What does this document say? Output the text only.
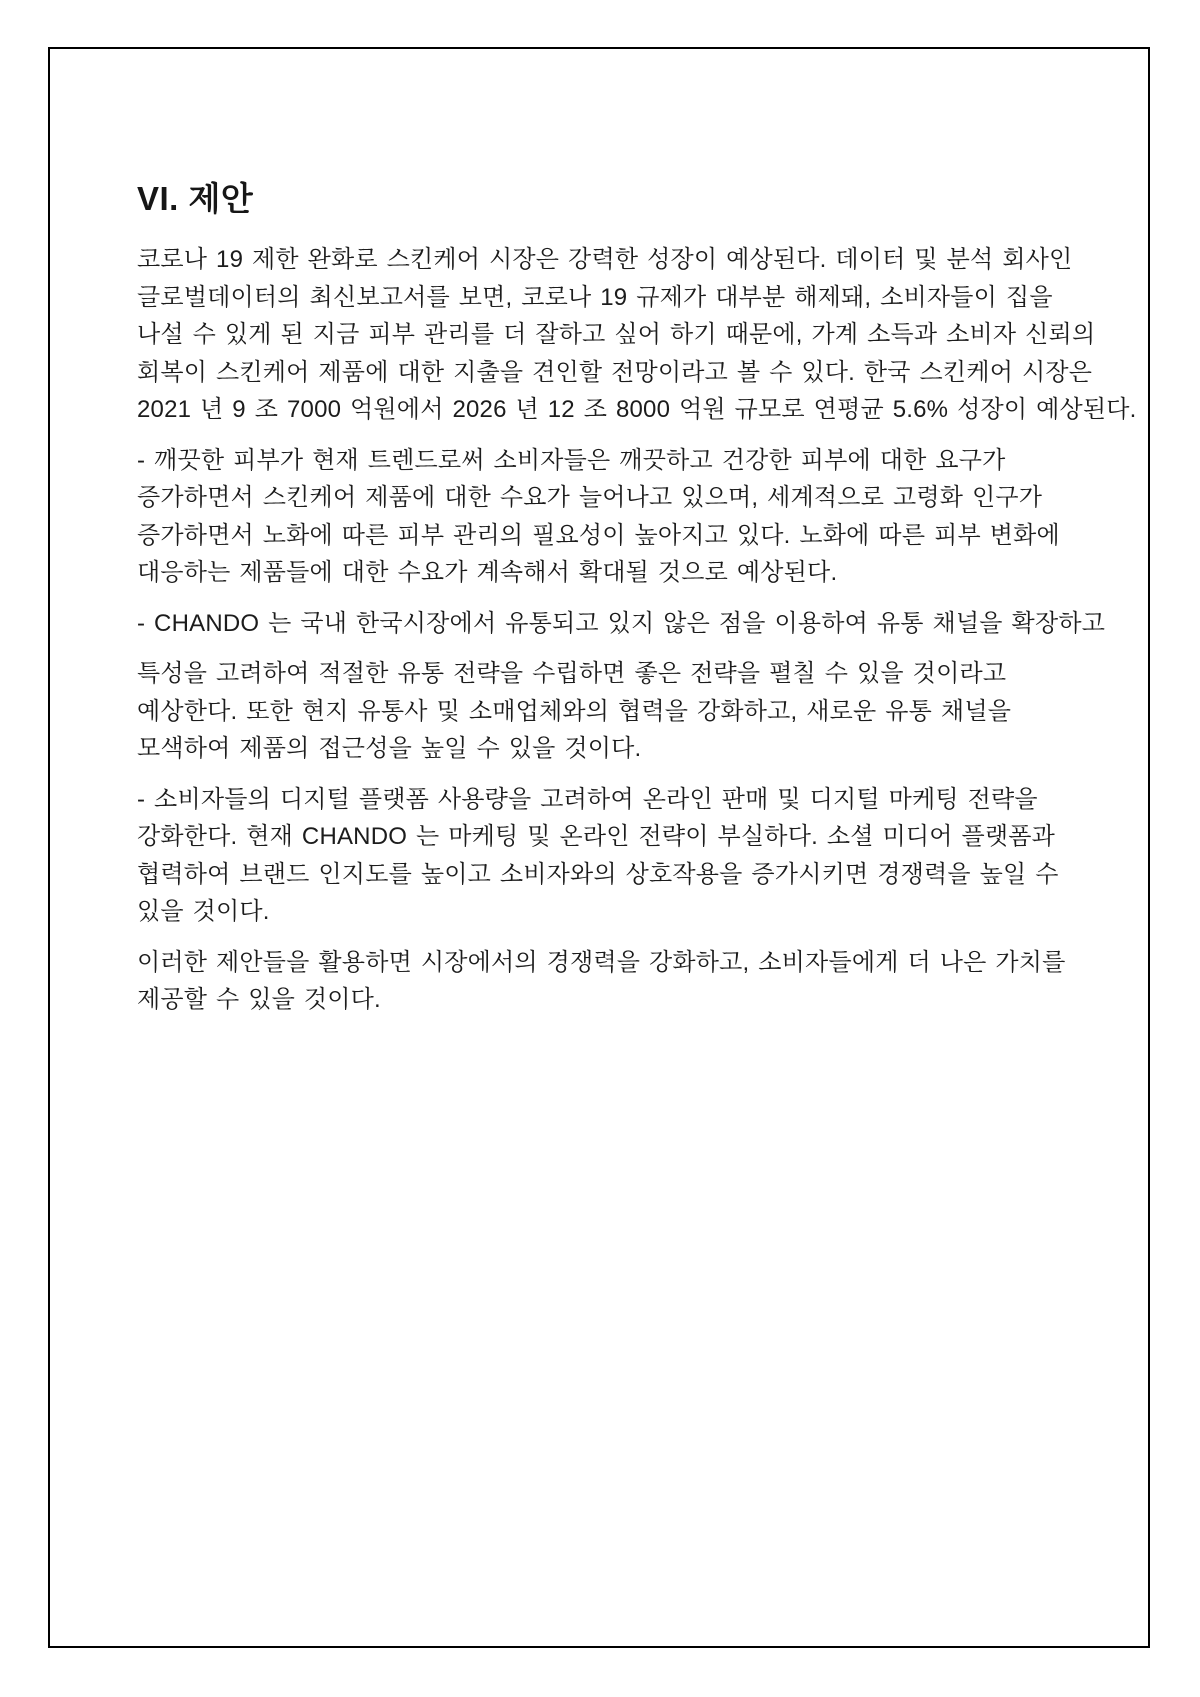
VI. 제안
코로나 19 제한 완화로 스킨케어 시장은 강력한 성장이 예상된다. 데이터 및 분석 회사인
글로벌데이터의 최신보고서를 보면, 코로나 19 규제가 대부분 해제돼, 소비자들이 집을
나설 수 있게 된 지금 피부 관리를 더 잘하고 싶어 하기 때문에, 가계 소득과 소비자 신뢰의
회복이 스킨케어 제품에 대한 지출을 견인할 전망이라고 볼 수 있다. 한국 스킨케어 시장은
2021 년 9 조 7000 억원에서 2026 년 12 조 8000 억원 규모로 연평균 5.6% 성장이 예상된다.
- 깨끗한 피부가 현재 트렌드로써 소비자들은 깨끗하고 건강한 피부에 대한 요구가
증가하면서 스킨케어 제품에 대한 수요가 늘어나고 있으며, 세계적으로 고령화 인구가
증가하면서 노화에 따른 피부 관리의 필요성이 높아지고 있다. 노화에 따른 피부 변화에
대응하는 제품들에 대한 수요가 계속해서 확대될 것으로 예상된다.
- CHANDO 는 국내 한국시장에서 유통되고 있지 않은 점을 이용하여 유통 채널을 확장하고
특성을 고려하여 적절한 유통 전략을 수립하면 좋은 전략을 펼칠 수 있을 것이라고
예상한다. 또한 현지 유통사 및 소매업체와의 협력을 강화하고, 새로운 유통 채널을
모색하여 제품의 접근성을 높일 수 있을 것이다.
- 소비자들의 디지털 플랫폼 사용량을 고려하여 온라인 판매 및 디지털 마케팅 전략을
강화한다. 현재 CHANDO 는 마케팅 및 온라인 전략이 부실하다. 소셜 미디어 플랫폼과
협력하여 브랜드 인지도를 높이고 소비자와의 상호작용을 증가시키면 경쟁력을 높일 수
있을 것이다.
이러한 제안들을 활용하면 시장에서의 경쟁력을 강화하고, 소비자들에게 더 나은 가치를
제공할 수 있을 것이다.
